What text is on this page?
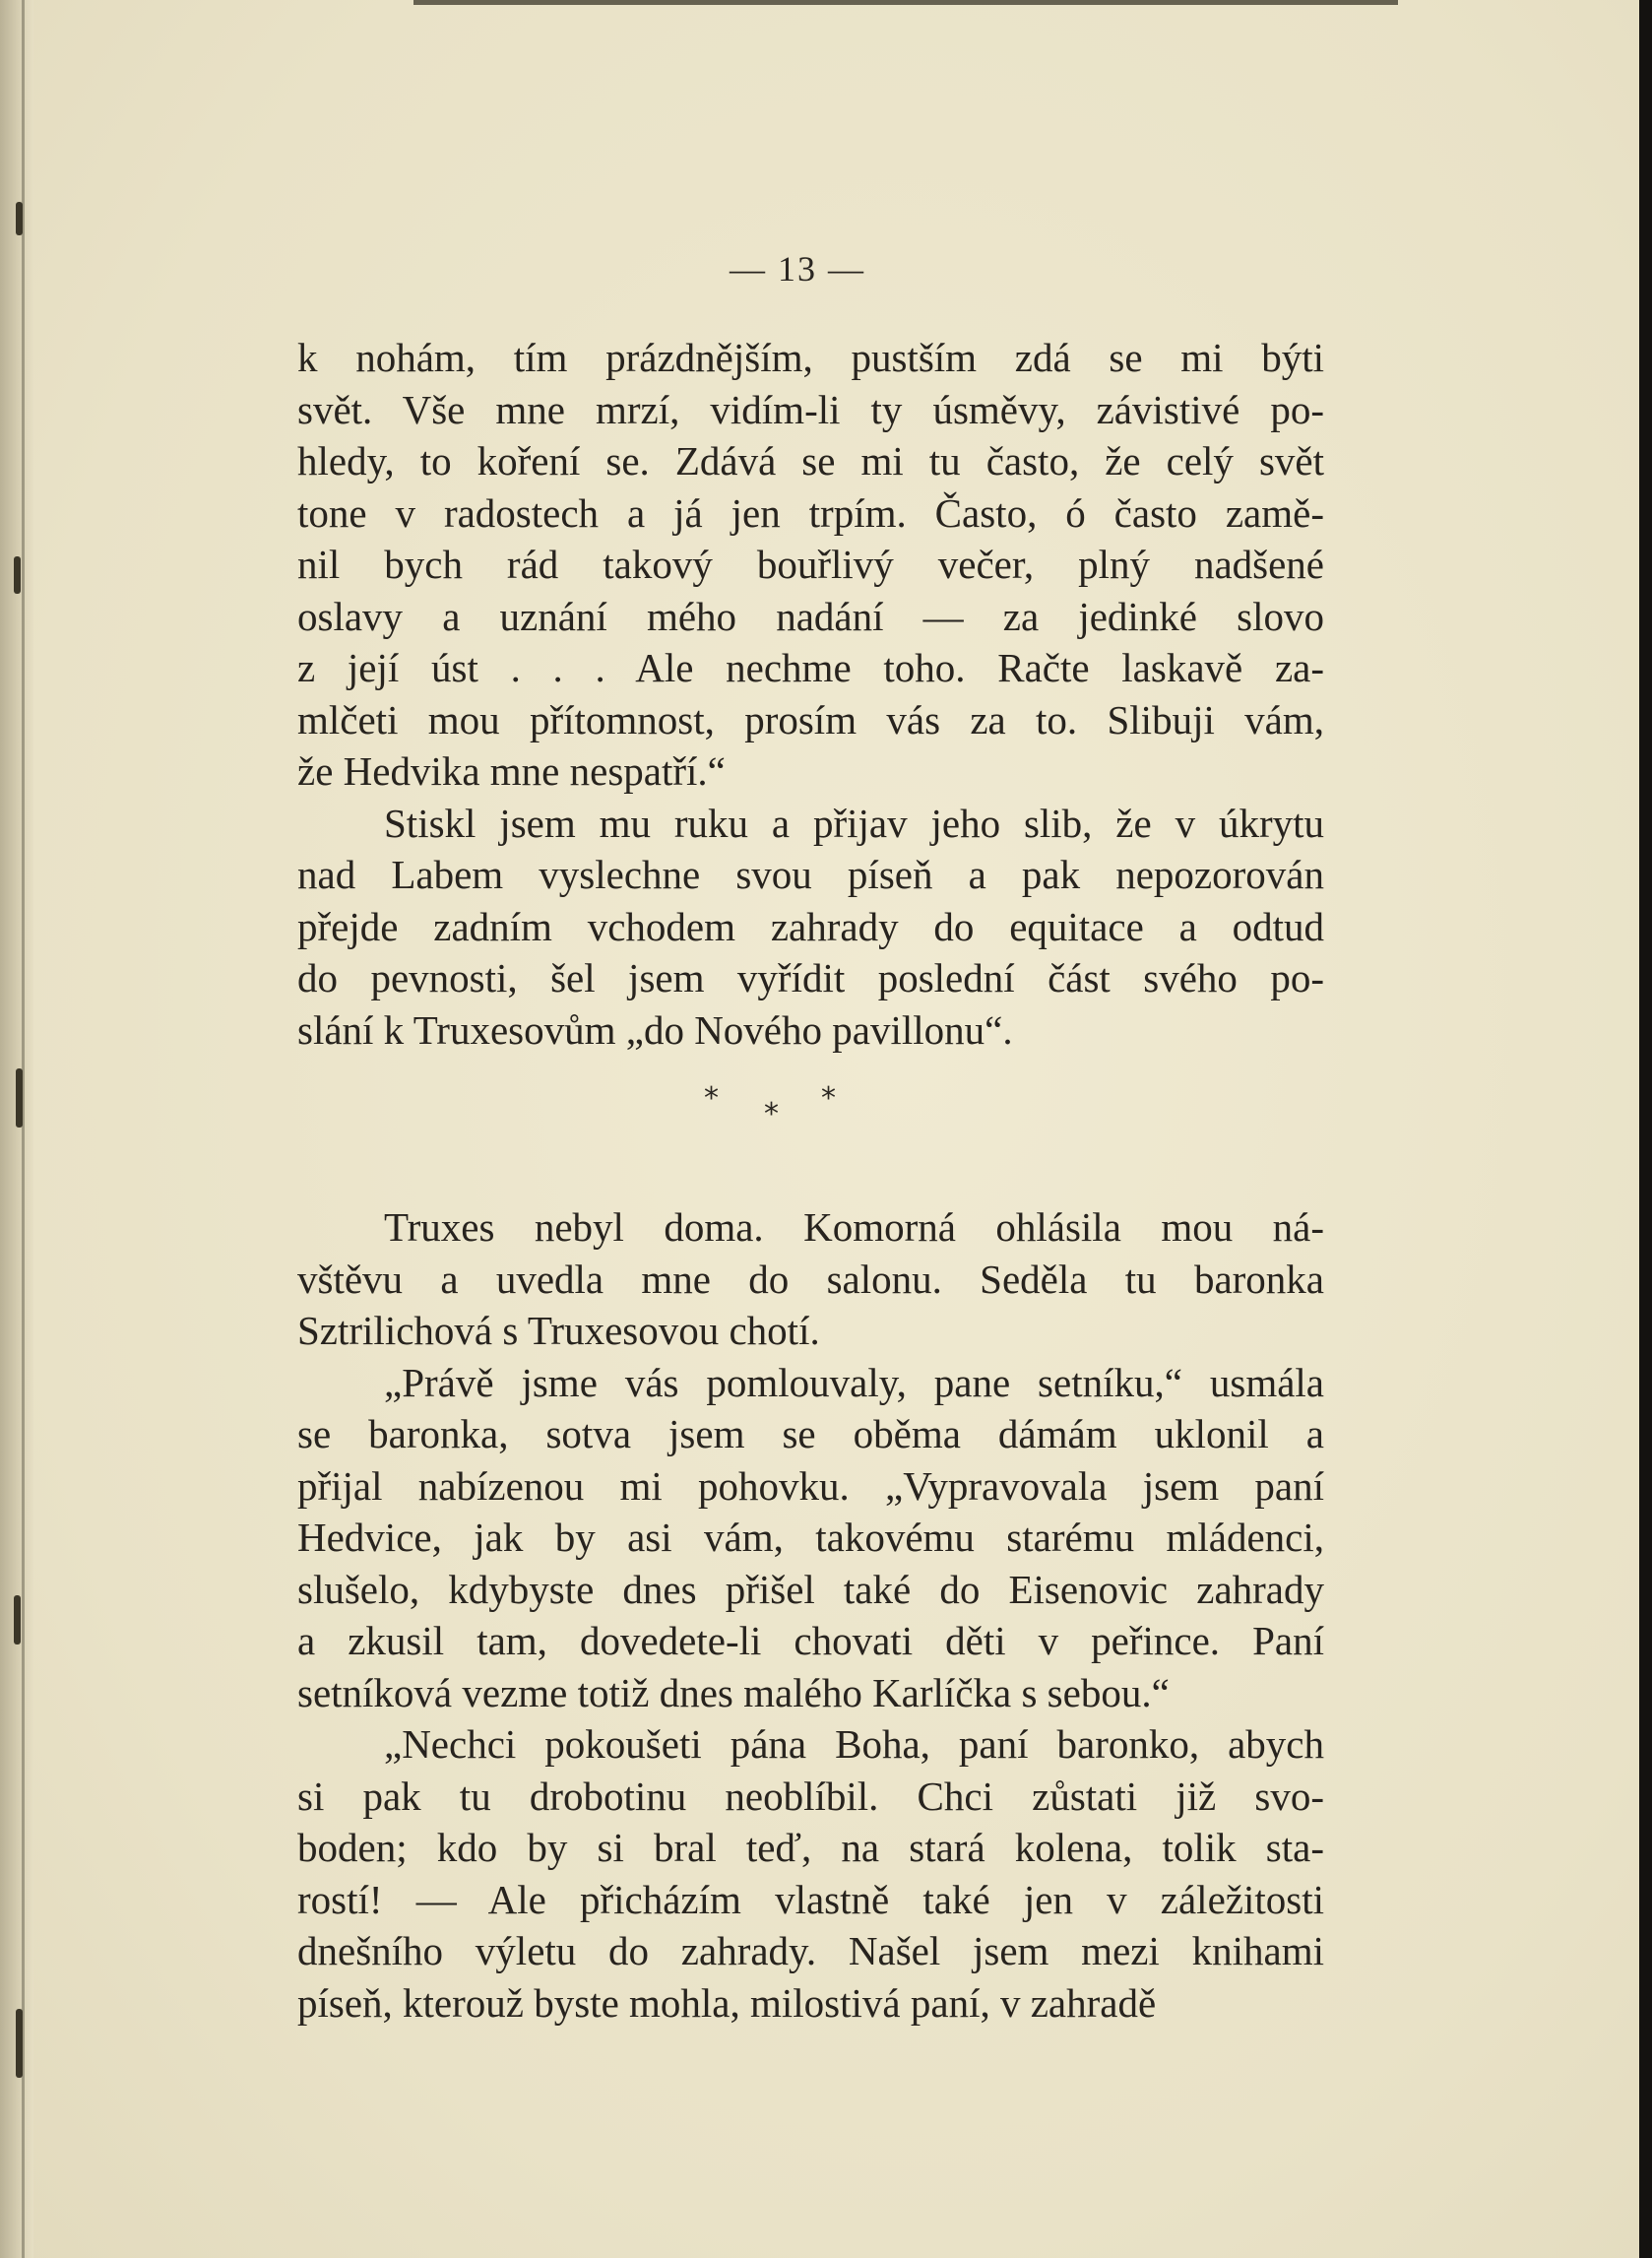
— 13 —

k nohám, tím prázdnějším, pustším zdá se mi býti
svět. Vše mne mrzí, vidím-li ty úsměvy, závistivé po-
hledy, to koření se. Zdává se mi tu často, že celý svět
tone v radostech a já jen trpím. Často, ó často zamě-
nil bych rád takový bouřlivý večer, plný nadšené
oslavy a uznání mého nadání — za jedinké slovo
z její úst . . . Ale nechme toho. Račte laskavě za-
mlčeti mou přítomnost, prosím vás za to. Slibuji vám,
že Hedvika mne nespatří.“

Stiskl jsem mu ruku a přijav jeho slib, že v úkrytu
nad Labem vyslechne svou píseň a pak nepozorován
přejde zadním vchodem zahrady do equitace a odtud
do pevnosti, šel jsem vyřídit poslední část svého po-
slání k Truxesovům „do Nového pavillonu“.

* * *

Truxes nebyl doma. Komorná ohlásila mou ná-
vštěvu a uvedla mne do salonu. Seděla tu baronka
Sztrilichová s Truxesovou chotí.

„Právě jsme vás pomlouvaly, pane setníku,“ usmála
se baronka, sotva jsem se oběma dámám uklonil a
přijal nabízenou mi pohovku. „Vypravovala jsem paní
Hedvice, jak by asi vám, takovému starému mládenci,
slušelo, kdybyste dnes přišel také do Eisenovic zahrady
a zkusil tam, dovedete-li chovati děti v peřince. Paní
setníková vezme totiž dnes malého Karlíčka s sebou.“

„Nechci pokoušeti pána Boha, paní baronko, abych
si pak tu drobotinu neoblíbil. Chci zůstati již svo-
boden; kdo by si bral teď, na stará kolena, tolik sta-
rostí! — Ale přicházím vlastně také jen v záležitosti
dnešního výletu do zahrady. Našel jsem mezi knihami
píseň, kterouž byste mohla, milostivá paní, v zahradě
